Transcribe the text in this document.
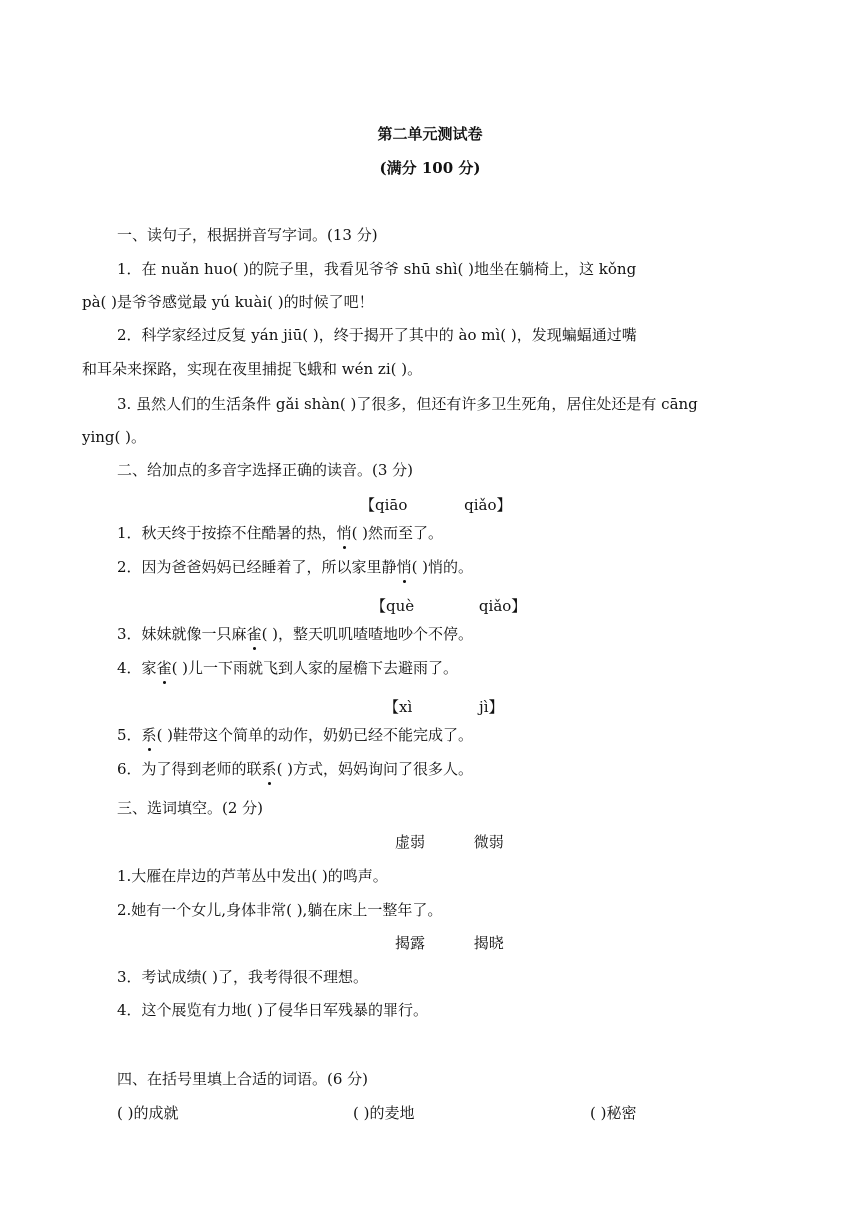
第二单元测试卷
(满分 100 分)
一、读句子，根据拼音写字词。(13 分)
1．在 nuǎn huo( )的院子里，我看见爷爷 shū shì( )地坐在躺椅上，这 kǒng
pà( )是爷爷感觉最 yú kuài( )的时候了吧！
2．科学家经过反复 yán jiū( )，终于揭开了其中的 ào mì( )，发现蝙蝠通过嘴
和耳朵来探路，实现在夜里捕捉飞蛾和 wén zi( )。
3. 虽然人们的生活条件 gǎi shàn( )了很多，但还有许多卫生死角，居住处还是有 cāng
ying( )。
二、给加点的多音字选择正确的读音。(3 分)
【qiāo	qiǎo】
1．秋天终于按捺不住酷暑的热，悄( )然而至了。
2．因为爸爸妈妈已经睡着了，所以家里静悄( )悄的。
【què	qiǎo】
3．妹妹就像一只麻雀( )，整天叽叽喳喳地吵个不停。
4．家雀( )儿一下雨就飞到人家的屋檐下去避雨了。
【xì	jì】
5．系( )鞋带这个简单的动作，奶奶已经不能完成了。
6．为了得到老师的联系( )方式，妈妈询问了很多人。
三、选词填空。(2 分)
虚弱	微弱
1.大雁在岸边的芦苇丛中发出( )的鸣声。
2.她有一个女儿,身体非常( ),躺在床上一整年了。
揭露	揭晓
3．考试成绩( )了，我考得很不理想。
4．这个展览有力地( )了侵华日军残暴的罪行。
四、在括号里填上合适的词语。(6 分)
( )的成就	( )的麦地	( )秘密
